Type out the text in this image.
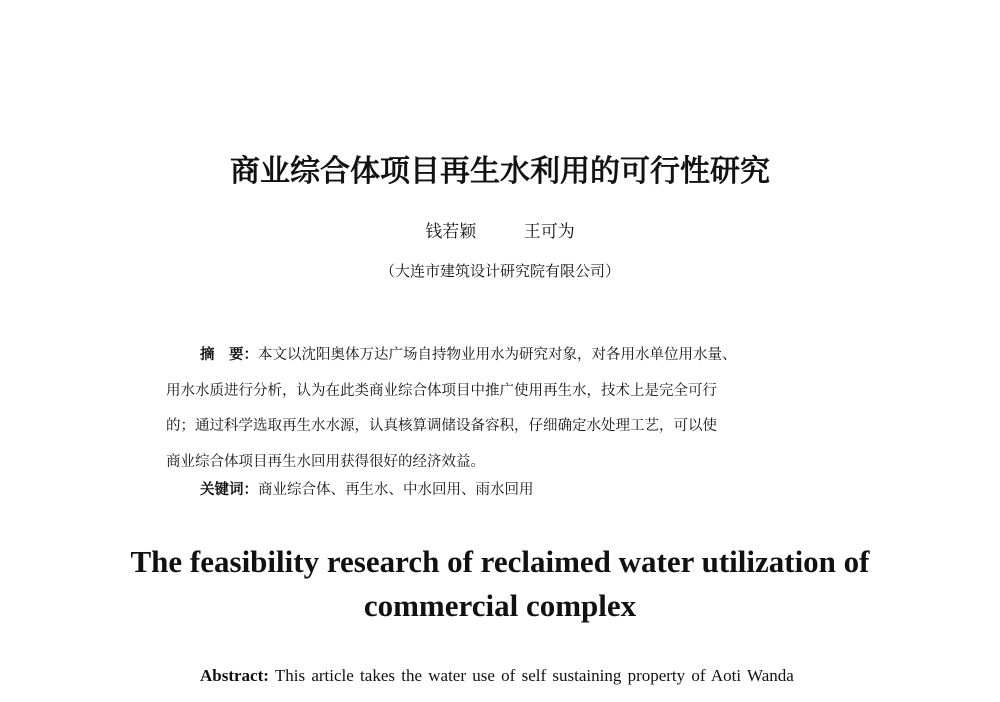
商业综合体项目再生水利用的可行性研究
钱若颖	王可为
（大连市建筑设计研究院有限公司）
摘　要：本文以沈阳奥体万达广场自持物业用水为研究对象，对各用水单位用水量、
用水水质进行分析，认为在此类商业综合体项目中推广使用再生水，技术上是完全可行
的；通过科学选取再生水水源，认真核算调储设备容积，仔细确定水处理工艺，可以使
商业综合体项目再生水回用获得很好的经济效益。
关键词：商业综合体、再生水、中水回用、雨水回用
The feasibility research of reclaimed water utilization of
commercial complex
Abstract: This article takes the water use of self sustaining property of Aoti Wanda
